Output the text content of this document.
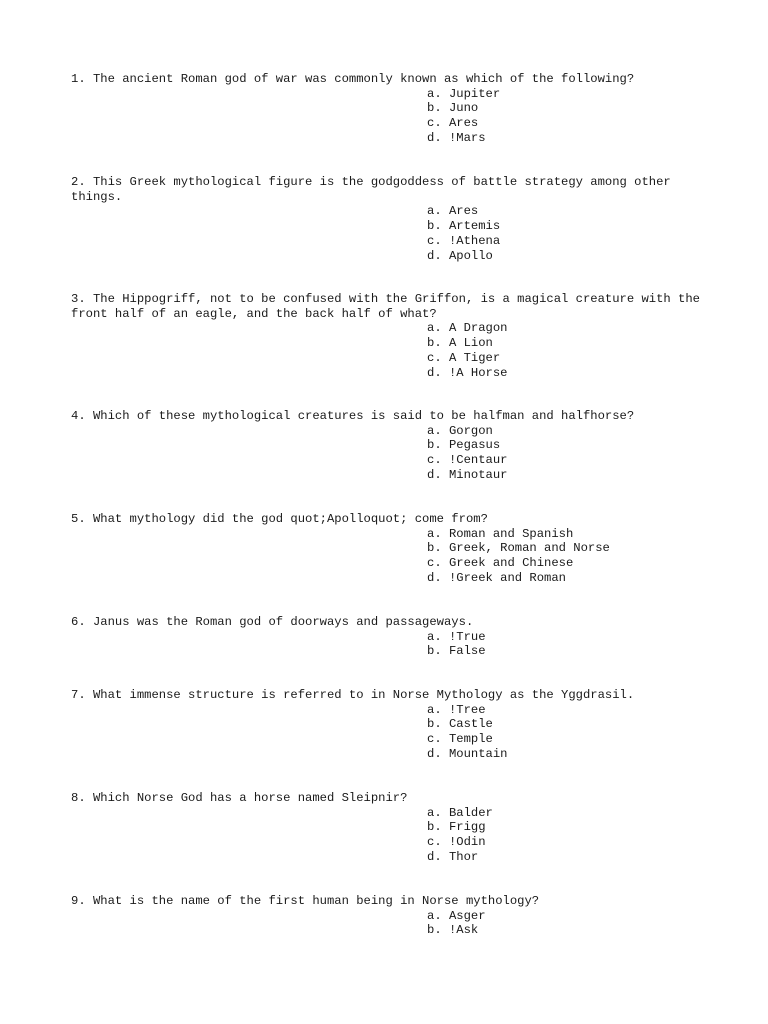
1. The ancient Roman god of war was commonly known as which of the following?

a. Jupiter
b. Juno
c. Ares
d. !Mars

2. This Greek mythological figure is the godgoddess of battle strategy among other things.

a. Ares
b. Artemis
c. !Athena
d. Apollo

3. The Hippogriff, not to be confused with the Griffon, is a magical creature with the front half of an eagle, and the back half of what?

a. A Dragon
b. A Lion
c. A Tiger
d. !A Horse

4. Which of these mythological creatures is said to be halfman and halfhorse?

a. Gorgon
b. Pegasus
c. !Centaur
d. Minotaur

5. What mythology did the god quot;Apolloquot; come from?

a. Roman and Spanish
b. Greek, Roman and Norse
c. Greek and Chinese
d. !Greek and Roman

6. Janus was the Roman god of doorways and passageways.

a. !True
b. False

7. What immense structure is referred to in Norse Mythology as the Yggdrasil.

a. !Tree
b. Castle
c. Temple
d. Mountain

8. Which Norse God has a horse named Sleipnir?

a. Balder
b. Frigg
c. !Odin
d. Thor

9. What is the name of the first human being in Norse mythology?

a. Asger
b. !Ask
